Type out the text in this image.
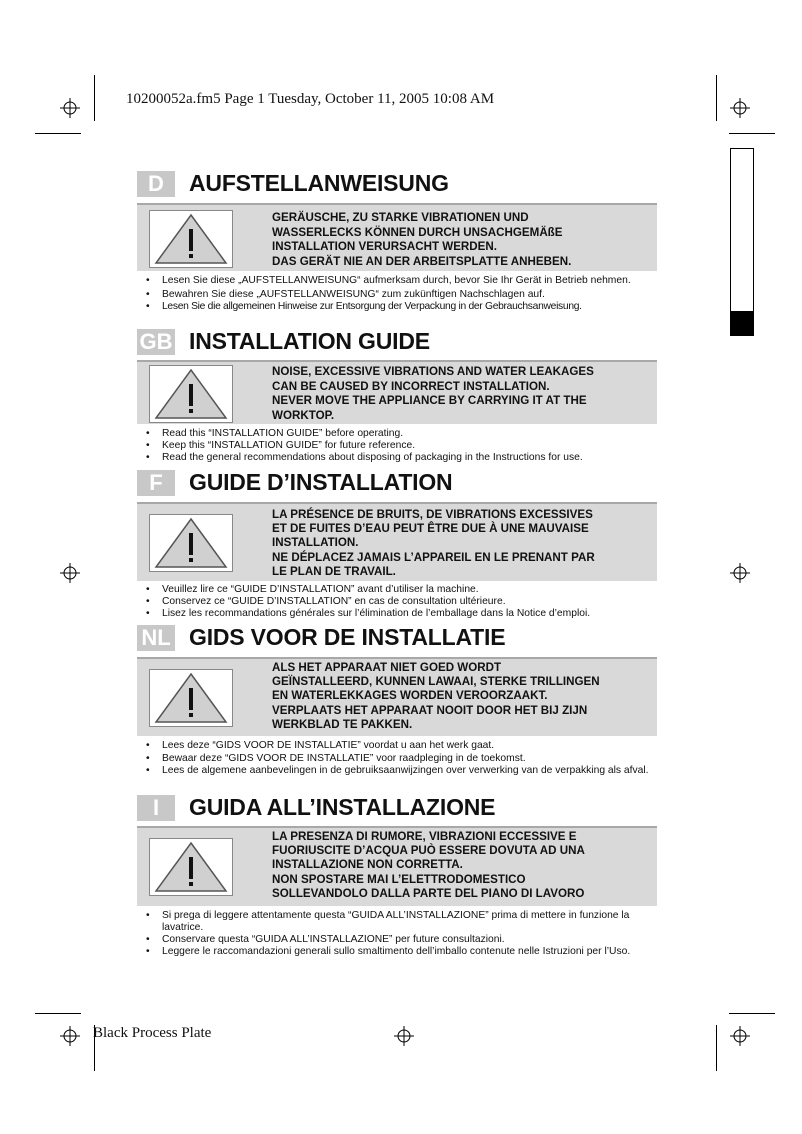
10200052a.fm5 Page 1 Tuesday, October 11, 2005 10:08 AM
D	AUFSTELLANWEISUNG
GERÄUSCHE, ZU STARKE VIBRATIONEN UND
WASSERLECKS KÖNNEN DURCH UNSACHGEMÄßE
INSTALLATION VERURSACHT WERDEN.
DAS GERÄT NIE AN DER ARBEITSPLATTE ANHEBEN.
• Lesen Sie diese „AUFSTELLANWEISUNG“ aufmerksam durch, bevor Sie Ihr Gerät in Betrieb nehmen.
• Bewahren Sie diese „AUFSTELLANWEISUNG“ zum zukünftigen Nachschlagen auf.
• Lesen Sie die allgemeinen Hinweise zur Entsorgung der Verpackung in der Gebrauchsanweisung.
GB INSTALLATION GUIDE
NOISE, EXCESSIVE VIBRATIONS AND WATER LEAKAGES
CAN BE CAUSED BY INCORRECT INSTALLATION.
NEVER MOVE THE APPLIANCE BY CARRYING IT AT THE
WORKTOP.
• Read this “INSTALLATION GUIDE” before operating.
• Keep this “INSTALLATION GUIDE” for future reference.
• Read the general recommendations about disposing of packaging in the Instructions for use.
F	GUIDE D’INSTALLATION
LA PRÉSENCE DE BRUITS, DE VIBRATIONS EXCESSIVES
ET DE FUITES D’EAU PEUT ÊTRE DUE À UNE MAUVAISE
INSTALLATION.
NE DÉPLACEZ JAMAIS L’APPAREIL EN LE PRENANT PAR
LE PLAN DE TRAVAIL.
• Veuillez lire ce “GUIDE D’INSTALLATION” avant d’utiliser la machine.
• Conservez ce “GUIDE D’INSTALLATION” en cas de consultation ultérieure.
• Lisez les recommandations générales sur l’élimination de l’emballage dans la Notice d’emploi.
NL GIDS VOOR DE INSTALLATIE
ALS HET APPARAAT NIET GOED WORDT
GEÏNSTALLEERD, KUNNEN LAWAAI, STERKE TRILLINGEN
EN WATERLEKKAGES WORDEN VEROORZAAKT.
VERPLAATS HET APPARAAT NOOIT DOOR HET BIJ ZIJN
WERKBLAD TE PAKKEN.
• Lees deze “GIDS VOOR DE INSTALLATIE” voordat u aan het werk gaat.
• Bewaar deze “GIDS VOOR DE INSTALLATIE” voor raadpleging in de toekomst.
• Lees de algemene aanbevelingen in de gebruiksaanwijzingen over verwerking van de verpakking als afval.
I	GUIDA ALL’INSTALLAZIONE
LA PRESENZA DI RUMORE, VIBRAZIONI ECCESSIVE E
FUORIUSCITE D’ACQUA PUÒ ESSERE DOVUTA AD UNA
INSTALLAZIONE NON CORRETTA.
NON SPOSTARE MAI L’ELETTRODOMESTICO
SOLLEVANDOLO DALLA PARTE DEL PIANO DI LAVORO
• Si prega di leggere attentamente questa “GUIDA ALL’INSTALLAZIONE” prima di mettere in funzione la lavatrice.
• Conservare questa “GUIDA ALL’INSTALLAZIONE” per future consultazioni.
• Leggere le raccomandazioni generali sullo smaltimento dell’imballo contenute nelle Istruzioni per l’Uso.
Black Process Plate
